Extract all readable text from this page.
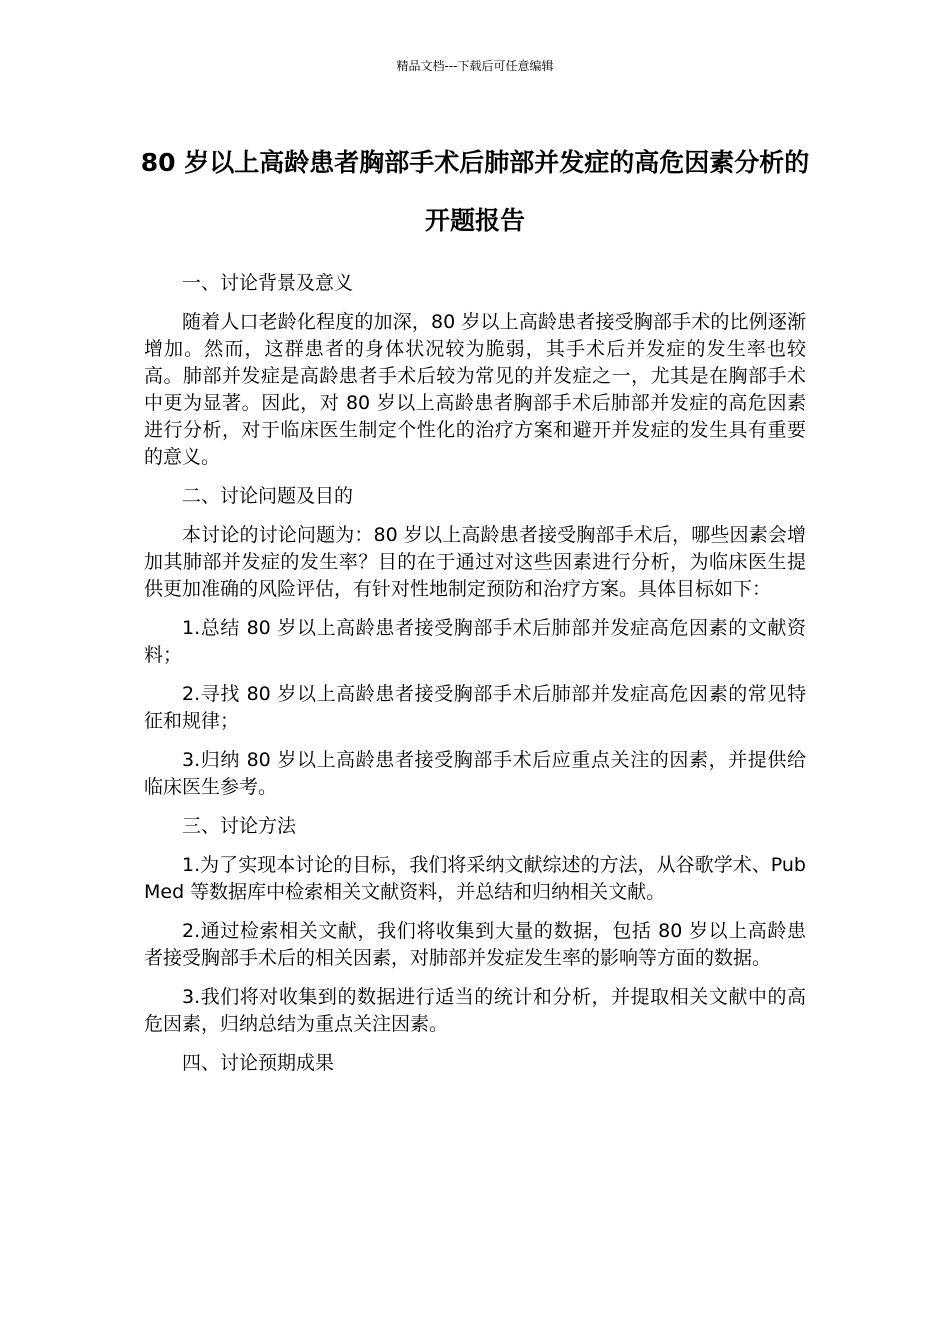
精品文档---下载后可任意编辑
80 岁以上高龄患者胸部手术后肺部并发症的高危因素分析的开题报告

一、讨论背景及意义

随着人口老龄化程度的加深，80 岁以上高龄患者接受胸部手术的比例逐渐增加。然而，这群患者的身体状况较为脆弱，其手术后并发症的发生率也较高。肺部并发症是高龄患者手术后较为常见的并发症之一，尤其是在胸部手术中更为显著。因此，对 80 岁以上高龄患者胸部手术后肺部并发症的高危因素进行分析，对于临床医生制定个性化的治疗方案和避开并发症的发生具有重要的意义。

二、讨论问题及目的

本讨论的讨论问题为：80 岁以上高龄患者接受胸部手术后，哪些因素会增加其肺部并发症的发生率？目的在于通过对这些因素进行分析，为临床医生提供更加准确的风险评估，有针对性地制定预防和治疗方案。具体目标如下：

1.总结 80 岁以上高龄患者接受胸部手术后肺部并发症高危因素的文献资料；

2.寻找 80 岁以上高龄患者接受胸部手术后肺部并发症高危因素的常见特征和规律；

3.归纳 80 岁以上高龄患者接受胸部手术后应重点关注的因素，并提供给临床医生参考。

三、讨论方法

1.为了实现本讨论的目标，我们将采纳文献综述的方法，从谷歌学术、PubMed 等数据库中检索相关文献资料，并总结和归纳相关文献。

2.通过检索相关文献，我们将收集到大量的数据，包括 80 岁以上高龄患者接受胸部手术后的相关因素，对肺部并发症发生率的影响等方面的数据。

3.我们将对收集到的数据进行适当的统计和分析，并提取相关文献中的高危因素，归纳总结为重点关注因素。

四、讨论预期成果
